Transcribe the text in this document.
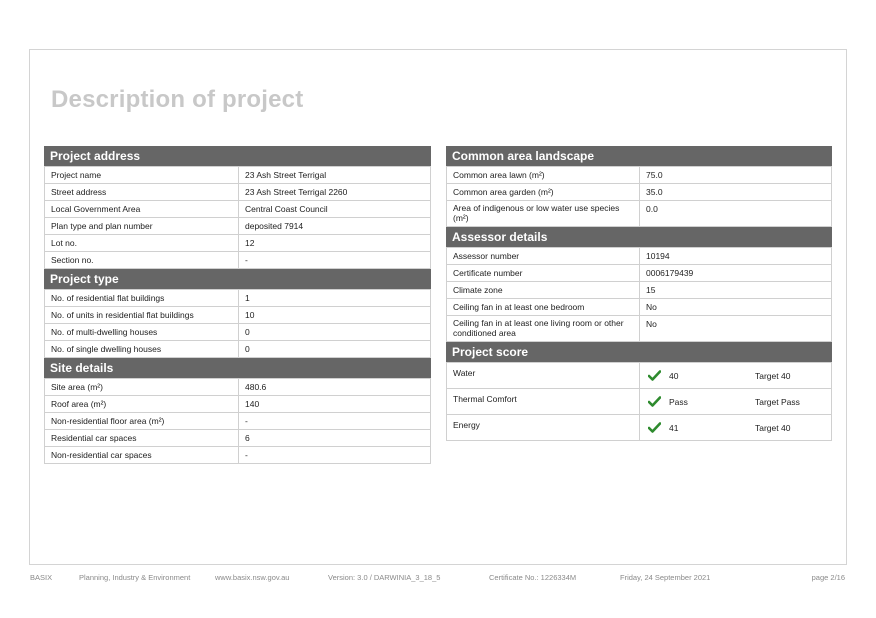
Description of project
Project address
Project name	23 Ash Street Terrigal
Street address	23 Ash Street Terrigal 2260
Local Government Area	Central Coast Council
Plan type and plan number	deposited 7914
Lot no.	12
Section no.	-
Project type
No. of residential flat buildings	1
No. of units in residential flat buildings	10
No. of multi-dwelling houses	0
No. of single dwelling houses	0
Site details
Site area (m²)	480.6
Roof area (m²)	140
Non-residential floor area (m²)	-
Residential car spaces	6
Non-residential car spaces	-
Common area landscape
Common area lawn (m²)	75.0
Common area garden (m²)	35.0
Area of indigenous or low water use species (m²)	0.0
Assessor details
Assessor number	10194
Certificate number	0006179439
Climate zone	15
Ceiling fan in at least one bedroom	No
Ceiling fan in at least one living room or other conditioned area	No
Project score
Water	40 Target 40

Thermal Comfort	Pass Target Pass

Energy	41 Target 40
BASIX	Planning, Industry & Environment	www.basix.nsw.gov.au	Version: 3.0 / DARWINIA_3_18_5	Certificate No.: 1226334M	Friday, 24 September 2021	page 2/16
